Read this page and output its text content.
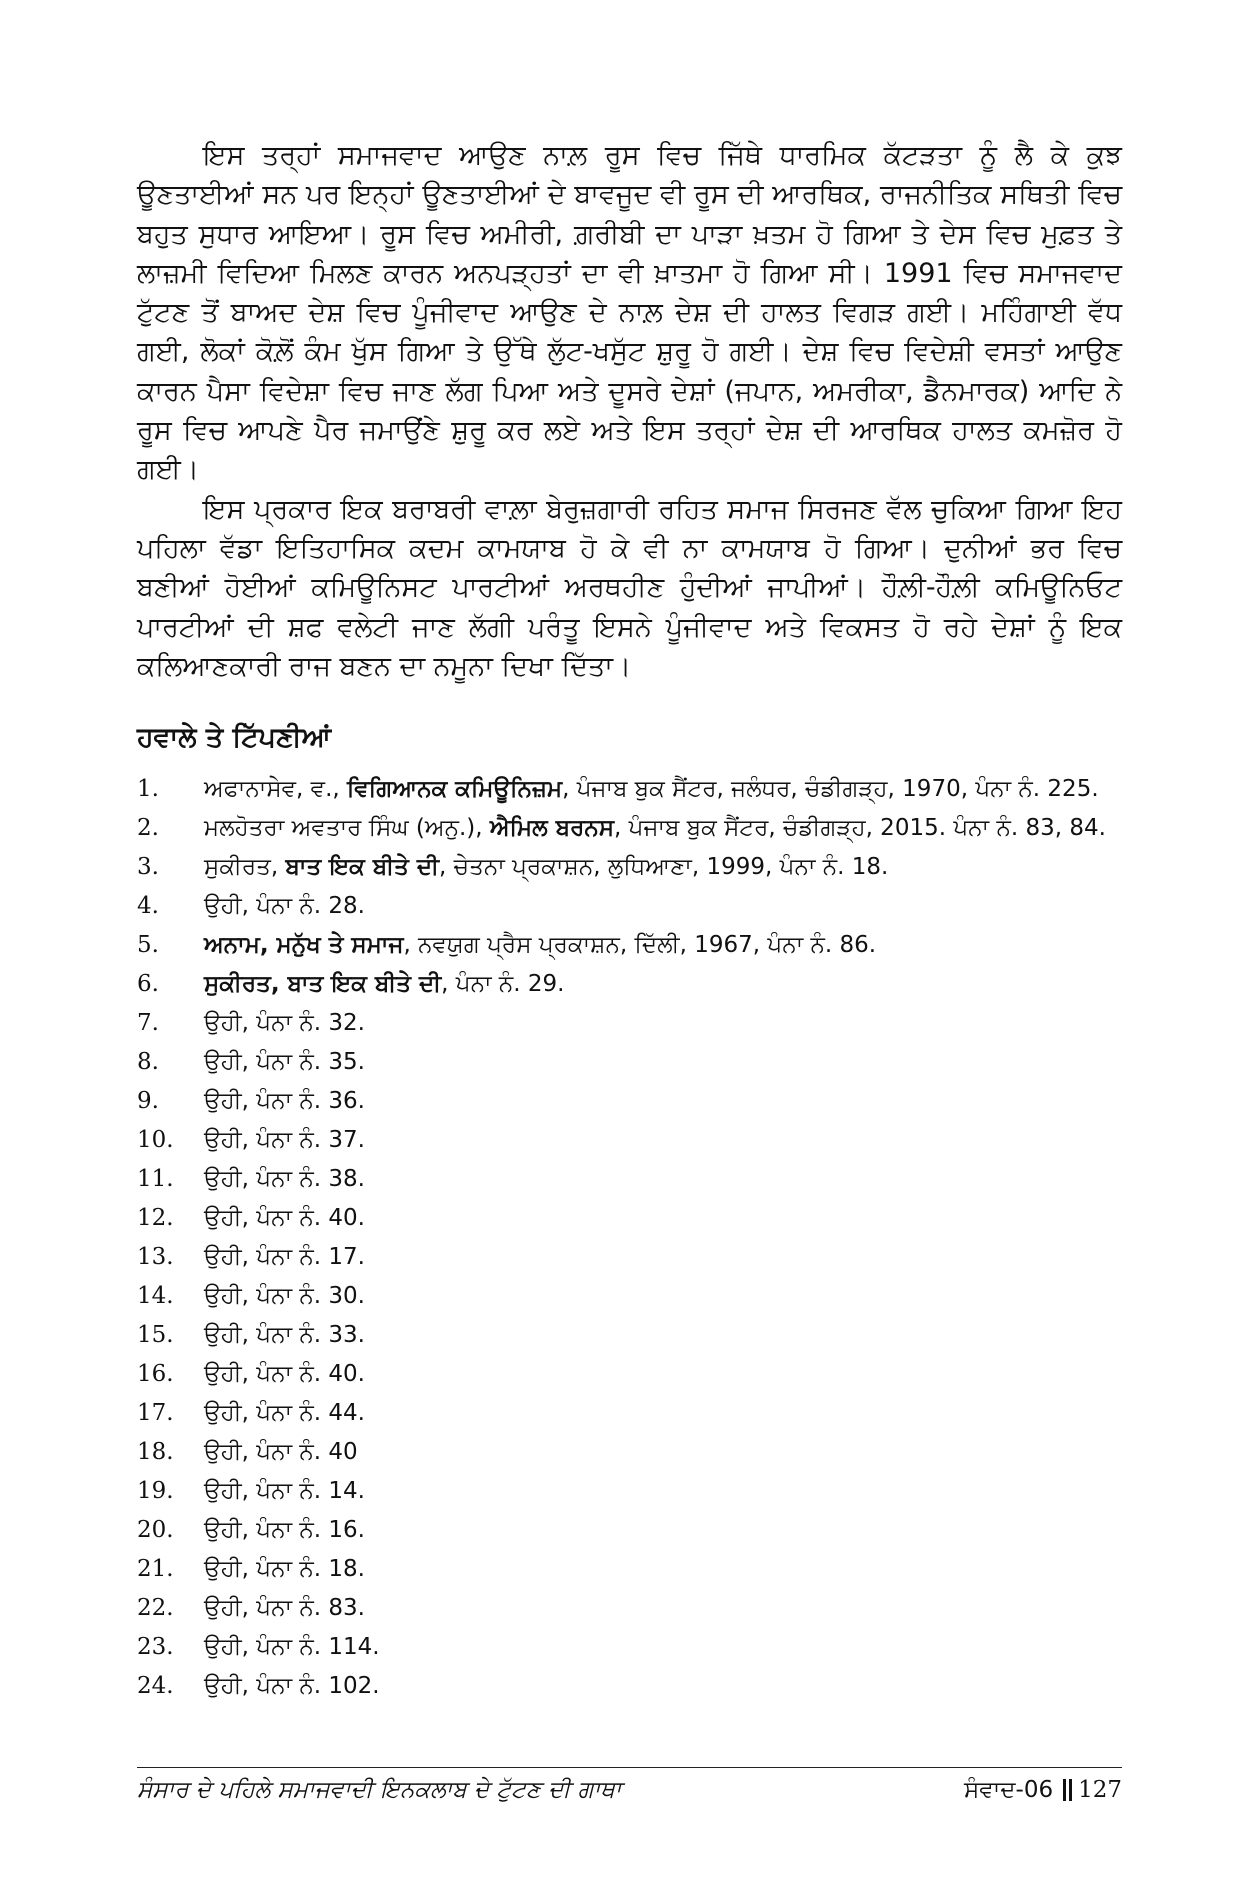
ਇਸ ਤਰ੍ਹਾਂ ਸਮਾਜਵਾਦ ਆਉਣ ਨਾਲ਼ ਰੂਸ ਵਿਚ ਜਿੱਥੇ ਧਾਰਮਿਕ ਕੱਟੜਤਾ ਨੂੰ ਲੈ ਕੇ ਕੁਝ ਊਣਤਾਈਆਂ ਸਨ ਪਰ ਇਨ੍ਹਾਂ ਊਣਤਾਈਆਂ ਦੇ ਬਾਵਜੂਦ ਵੀ ਰੂਸ ਦੀ ਆਰਥਿਕ, ਰਾਜਨੀਤਿਕ ਸਥਿਤੀ ਵਿਚ ਬਹੁਤ ਸੁਧਾਰ ਆਇਆ। ਰੂਸ ਵਿਚ ਅਮੀਰੀ, ਗ਼ਰੀਬੀ ਦਾ ਪਾੜਾ ਖ਼ਤਮ ਹੋ ਗਿਆ ਤੇ ਦੇਸ ਵਿਚ ਮੁਫ਼ਤ ਤੇ ਲਾਜ਼ਮੀ ਵਿਦਿਆ ਮਿਲਣ ਕਾਰਨ ਅਨਪੜ੍ਹਤਾਂ ਦਾ ਵੀ ਖ਼ਾਤਮਾ ਹੋ ਗਿਆ ਸੀ। 1991 ਵਿਚ ਸਮਾਜਵਾਦ ਟੁੱਟਣ ਤੋਂ ਬਾਅਦ ਦੇਸ਼ ਵਿਚ ਪੂੰਜੀਵਾਦ ਆਉਣ ਦੇ ਨਾਲ਼ ਦੇਸ਼ ਦੀ ਹਾਲਤ ਵਿਗੜ ਗਈ। ਮਹਿੰਗਾਈ ਵੱਧ ਗਈ, ਲੋਕਾਂ ਕੋਲ਼ੋਂ ਕੰਮ ਖੁੱਸ ਗਿਆ ਤੇ ਉੱਥੇ ਲੁੱਟ-ਖਸੁੱਟ ਸ਼ੁਰੂ ਹੋ ਗਈ। ਦੇਸ਼ ਵਿਚ ਵਿਦੇਸ਼ੀ ਵਸਤਾਂ ਆਉਣ ਕਾਰਨ ਪੈਸਾ ਵਿਦੇਸ਼ਾ ਵਿਚ ਜਾਣ ਲੱਗ ਪਿਆ ਅਤੇ ਦੂਸਰੇ ਦੇਸ਼ਾਂ (ਜਪਾਨ, ਅਮਰੀਕਾ, ਡੈਨਮਾਰਕ) ਆਦਿ ਨੇ ਰੂਸ ਵਿਚ ਆਪਣੇ ਪੈਰ ਜਮਾਉਂਣੇ ਸ਼ੁਰੂ ਕਰ ਲਏ ਅਤੇ ਇਸ ਤਰ੍ਹਾਂ ਦੇਸ਼ ਦੀ ਆਰਥਿਕ ਹਾਲਤ ਕਮਜ਼ੋਰ ਹੋ ਗਈ।

ਇਸ ਪ੍ਰਕਾਰ ਇਕ ਬਰਾਬਰੀ ਵਾਲ਼ਾ ਬੇਰੁਜ਼ਗਾਰੀ ਰਹਿਤ ਸਮਾਜ ਸਿਰਜਣ ਵੱਲ ਚੁਕਿਆ ਗਿਆ ਇਹ ਪਹਿਲਾ ਵੱਡਾ ਇਤਿਹਾਸਿਕ ਕਦਮ ਕਾਮਯਾਬ ਹੋ ਕੇ ਵੀ ਨਾ ਕਾਮਯਾਬ ਹੋ ਗਿਆ। ਦੁਨੀਆਂ ਭਰ ਵਿਚ ਬਣੀਆਂ ਹੋਈਆਂ ਕਮਿਊਨਿਸਟ ਪਾਰਟੀਆਂ ਅਰਥਹੀਣ ਹੁੰਦੀਆਂ ਜਾਪੀਆਂ। ਹੌਲ਼ੀ-ਹੌਲ਼ੀ ਕਮਿਊਨਿਓਟ ਪਾਰਟੀਆਂ ਦੀ ਸ਼ਫ ਵਲੇਟੀ ਜਾਣ ਲੱਗੀ ਪਰੰਤੂ ਇਸਨੇ ਪੂੰਜੀਵਾਦ ਅਤੇ ਵਿਕਸਤ ਹੋ ਰਹੇ ਦੇਸ਼ਾਂ ਨੂੰ ਇਕ ਕਲਿਆਣਕਾਰੀ ਰਾਜ ਬਣਨ ਦਾ ਨਮੂਨਾ ਦਿਖਾ ਦਿੱਤਾ।

ਹਵਾਲੇ ਤੇ ਟਿੱਪਣੀਆਂ
1.	ਅਫਾਨਾਸੇਵ, ਵ., ਵਿਗਿਆਨਕ ਕਮਿਊਨਿਜ਼ਮ, ਪੰਜਾਬ ਬੁਕ ਸੈਂਟਰ, ਜਲੰਧਰ, ਚੰਡੀਗੜ੍ਹ, 1970, ਪੰਨਾ ਨੰ. 225.
2.	ਮਲਹੋਤਰਾ ਅਵਤਾਰ ਸਿੰਘ (ਅਨੁ.), ਐਮਿਲ ਬਰਨਸ, ਪੰਜਾਬ ਬੁਕ ਸੈਂਟਰ, ਚੰਡੀਗੜ੍ਹ, 2015. ਪੰਨਾ ਨੰ. 83, 84.
3.	ਸੁਕੀਰਤ, ਬਾਤ ਇਕ ਬੀਤੇ ਦੀ, ਚੇਤਨਾ ਪ੍ਰਕਾਸ਼ਨ, ਲੁਧਿਆਣਾ, 1999, ਪੰਨਾ ਨੰ. 18.
4.	ਉਹੀ, ਪੰਨਾ ਨੰ. 28.
5.	ਅਨਾਮ, ਮਨੁੱਖ ਤੇ ਸਮਾਜ, ਨਵਯੁਗ ਪ੍ਰੈਸ ਪ੍ਰਕਾਸ਼ਨ, ਦਿੱਲੀ, 1967, ਪੰਨਾ ਨੰ. 86.
6.	ਸੁਕੀਰਤ, ਬਾਤ ਇਕ ਬੀਤੇ ਦੀ, ਪੰਨਾ ਨੰ. 29.
7.	ਉਹੀ, ਪੰਨਾ ਨੰ. 32.
8.	ਉਹੀ, ਪੰਨਾ ਨੰ. 35.
9.	ਉਹੀ, ਪੰਨਾ ਨੰ. 36.
10.	ਉਹੀ, ਪੰਨਾ ਨੰ. 37.
11.	ਉਹੀ, ਪੰਨਾ ਨੰ. 38.
12.	ਉਹੀ, ਪੰਨਾ ਨੰ. 40.
13.	ਉਹੀ, ਪੰਨਾ ਨੰ. 17.
14.	ਉਹੀ, ਪੰਨਾ ਨੰ. 30.
15.	ਉਹੀ, ਪੰਨਾ ਨੰ. 33.
16.	ਉਹੀ, ਪੰਨਾ ਨੰ. 40.
17.	ਉਹੀ, ਪੰਨਾ ਨੰ. 44.
18.	ਉਹੀ, ਪੰਨਾ ਨੰ. 40
19.	ਉਹੀ, ਪੰਨਾ ਨੰ. 14.
20.	ਉਹੀ, ਪੰਨਾ ਨੰ. 16.
21.	ਉਹੀ, ਪੰਨਾ ਨੰ. 18.
22.	ਉਹੀ, ਪੰਨਾ ਨੰ. 83.
23.	ਉਹੀ, ਪੰਨਾ ਨੰ. 114.
24.	ਉਹੀ, ਪੰਨਾ ਨੰ. 102.
ਸੰਸਾਰ ਦੇ ਪਹਿਲੇ ਸਮਾਜਵਾਦੀ ਇਨਕਲਾਬ ਦੇ ਟੁੱਟਣ ਦੀ ਗਾਥਾ	ਸੰਵਾਦ-06 127
